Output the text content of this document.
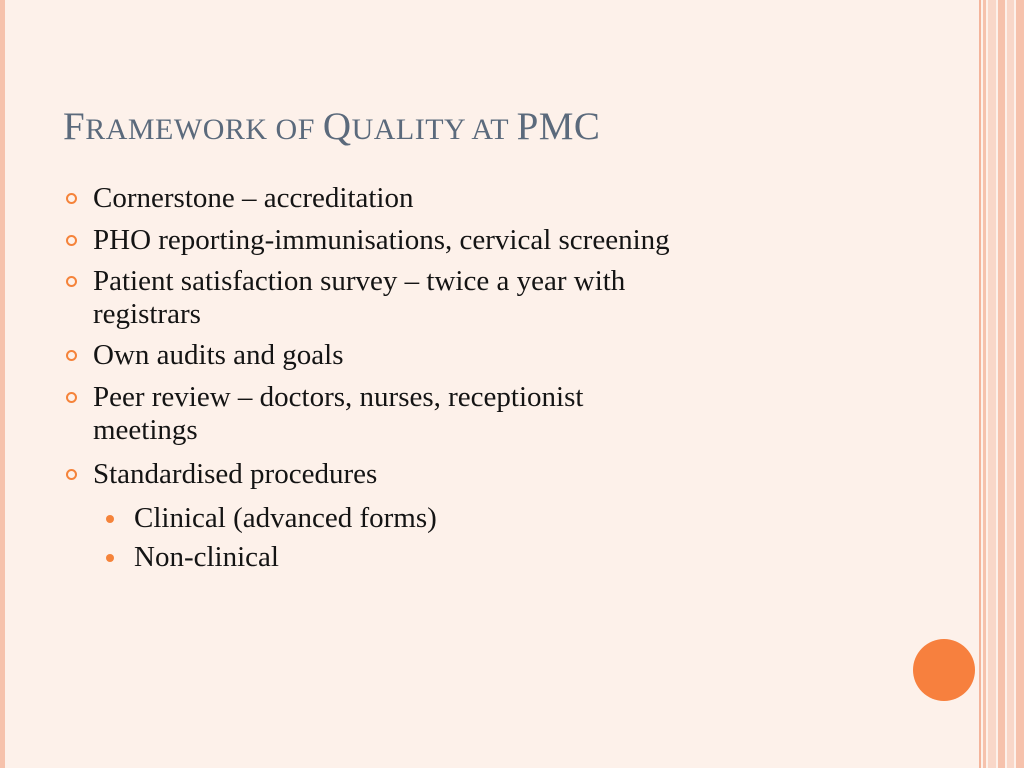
FRAMEWORK OF QUALITY AT PMC
Cornerstone – accreditation
PHO reporting-immunisations, cervical screening
Patient satisfaction survey – twice a year with
registrars
Own audits and goals
Peer review – doctors, nurses, receptionist
meetings
Standardised procedures
Clinical (advanced forms)
Non-clinical
